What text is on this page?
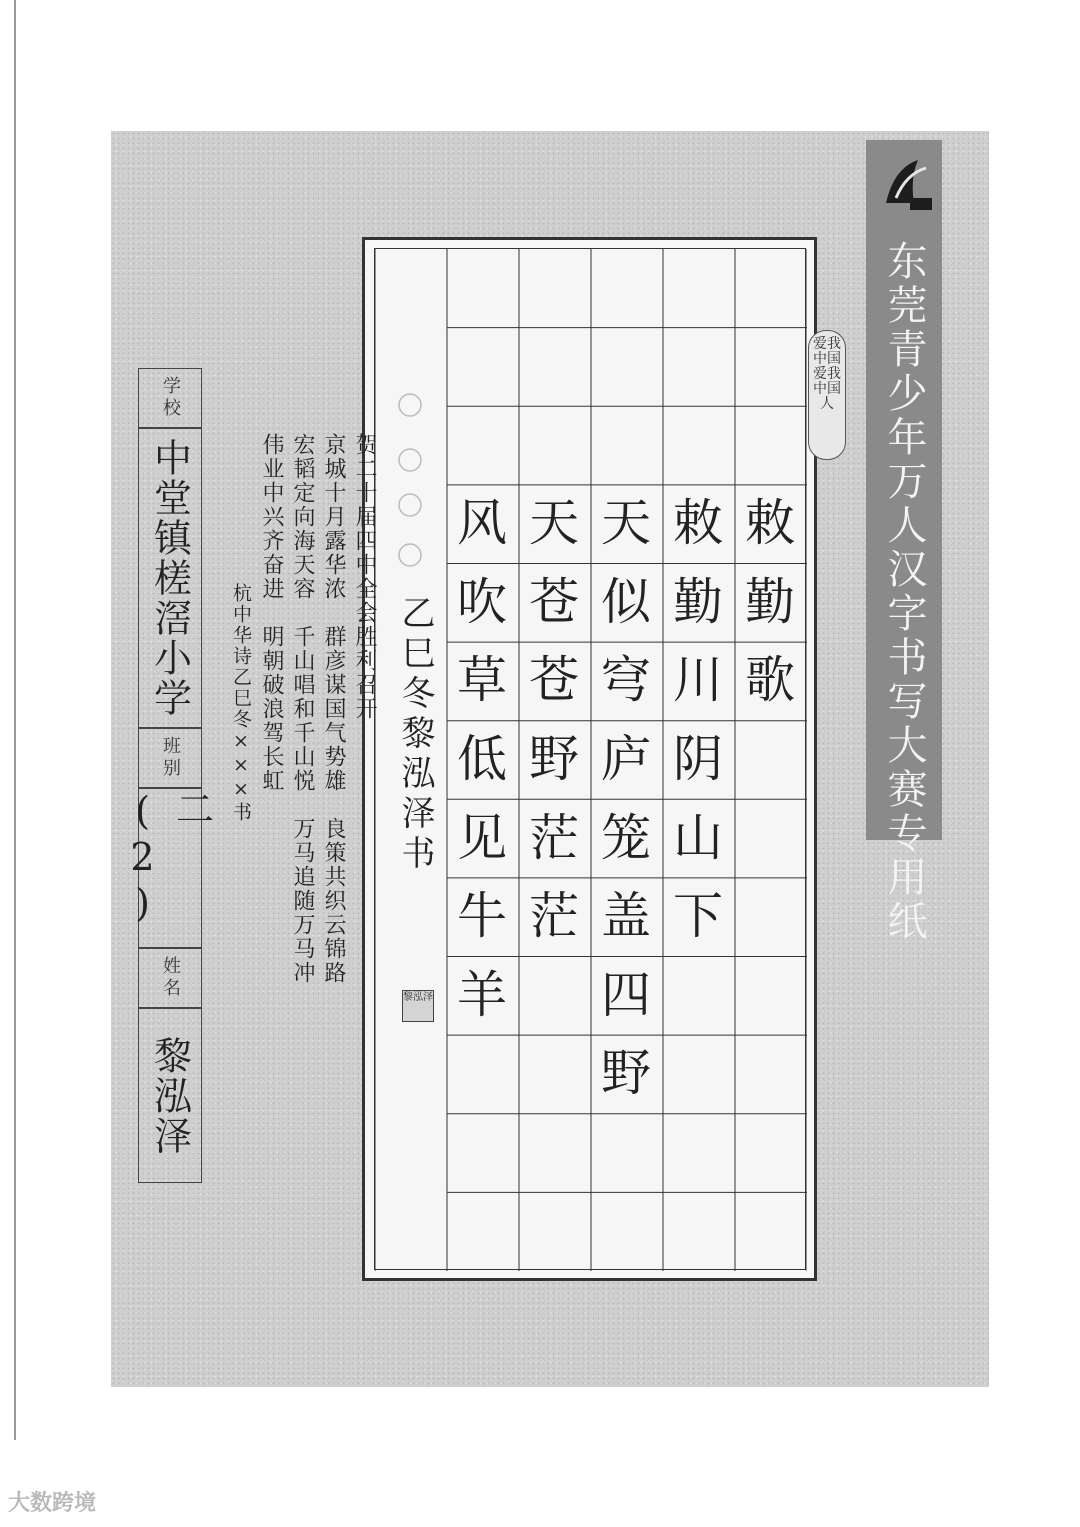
东莞青少年万人汉字书写大赛专用纸
敕
勤
歌
敕
勤
川
阴
山
下
天
似
穹
庐
笼
盖
四
野
天
苍
苍
野
茫
茫
风
吹
草
低
见
牛
羊
爱我中国 爱我中国人
乙巳冬黎泓泽书
黎泓泽

贺二十届四中全会胜利召开

京城十月露华浓　群彦谋国气势雄　良策共织云锦路

宏韬定向海天容　千山唱和千山悦　万马追随万马冲

伟业中兴齐奋进　明朝破浪驾长虹

杭中华诗乙巳冬×××书

学校
中堂镇槎滘小学
班别
二(2)
姓名
黎泓泽
大数跨境
